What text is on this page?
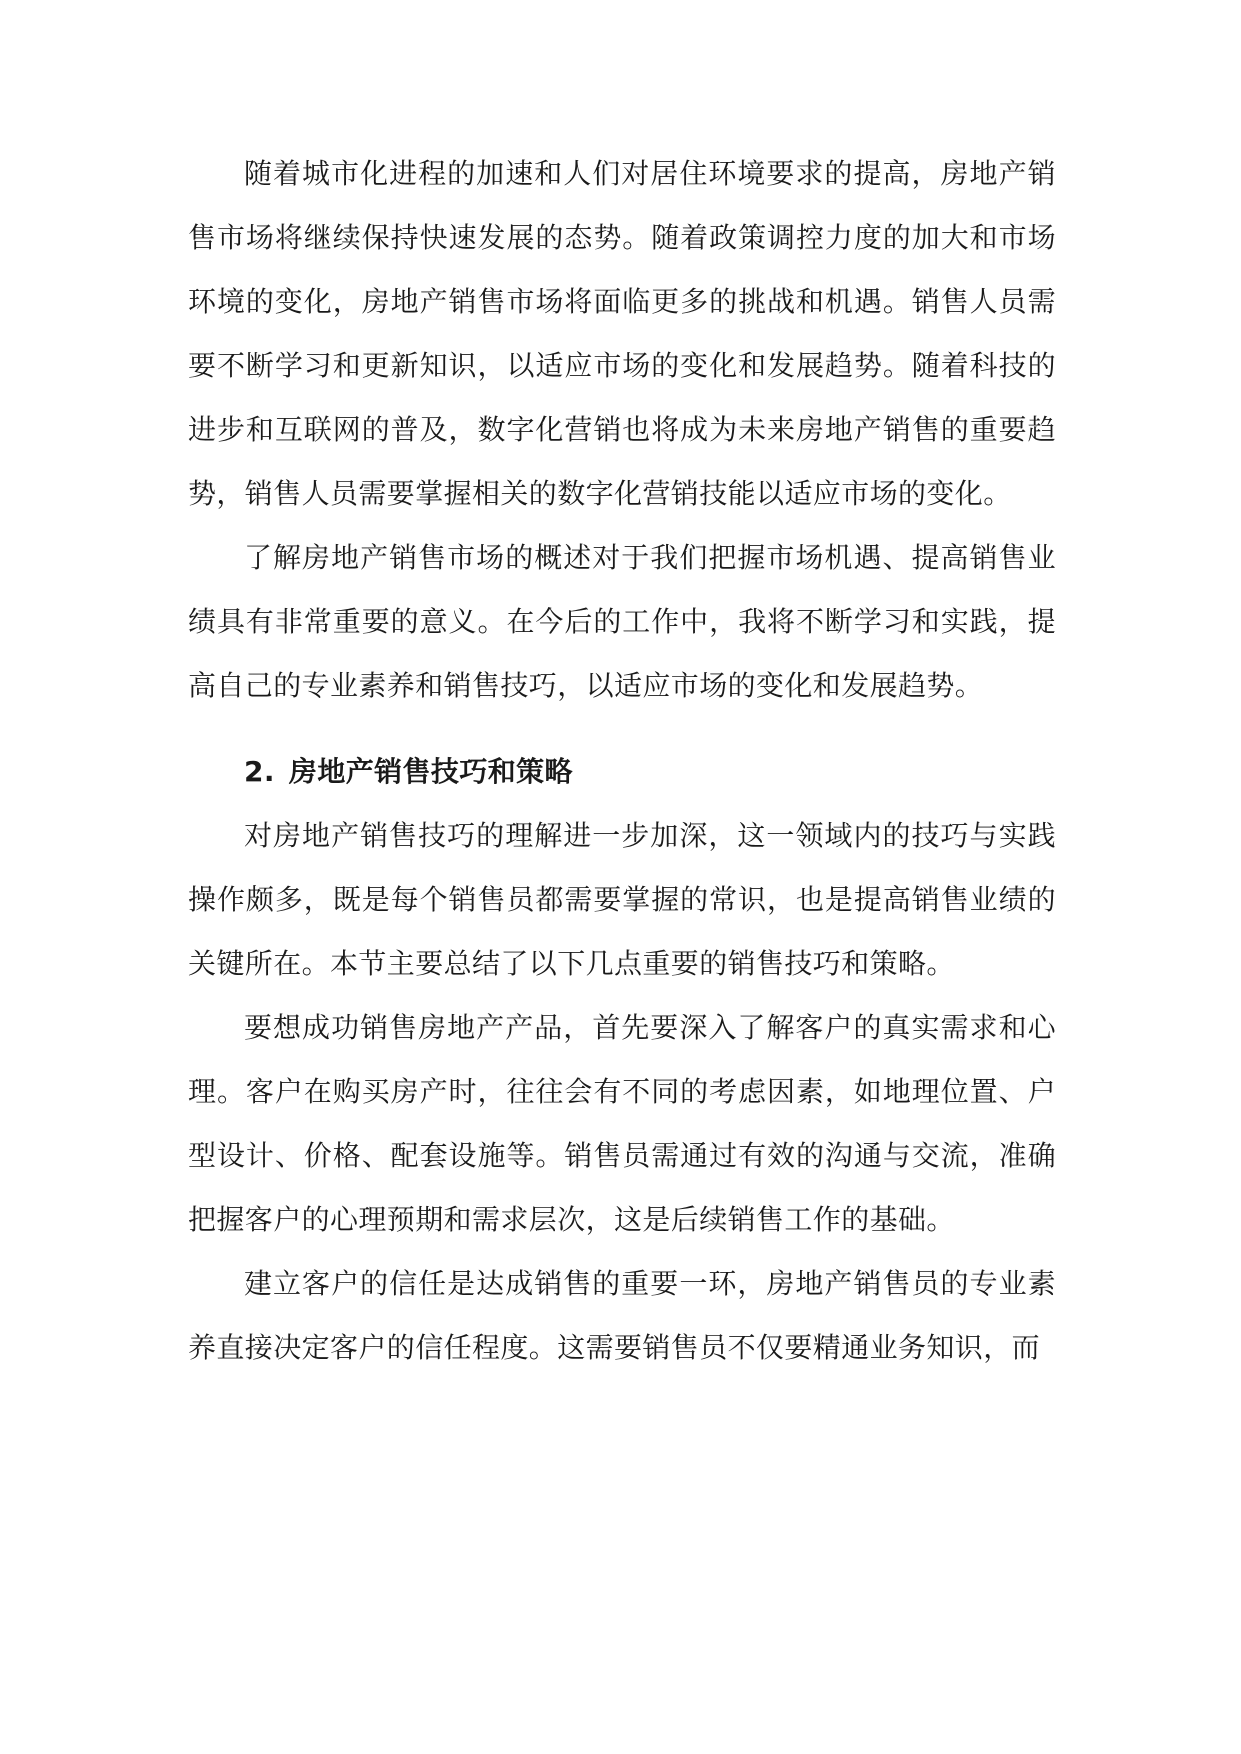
随着城市化进程的加速和人们对居住环境要求的提高，房地产销售市场将继续保持快速发展的态势。随着政策调控力度的加大和市场环境的变化，房地产销售市场将面临更多的挑战和机遇。销售人员需要不断学习和更新知识，以适应市场的变化和发展趋势。随着科技的进步和互联网的普及，数字化营销也将成为未来房地产销售的重要趋势，销售人员需要掌握相关的数字化营销技能以适应市场的变化。

了解房地产销售市场的概述对于我们把握市场机遇、提高销售业绩具有非常重要的意义。在今后的工作中，我将不断学习和实践，提高自己的专业素养和销售技巧，以适应市场的变化和发展趋势。

2. 房地产销售技巧和策略

对房地产销售技巧的理解进一步加深，这一领域内的技巧与实践操作颇多，既是每个销售员都需要掌握的常识，也是提高销售业绩的关键所在。本节主要总结了以下几点重要的销售技巧和策略。

要想成功销售房地产产品，首先要深入了解客户的真实需求和心理。客户在购买房产时，往往会有不同的考虑因素，如地理位置、户型设计、价格、配套设施等。销售员需通过有效的沟通与交流，准确把握客户的心理预期和需求层次，这是后续销售工作的基础。

建立客户的信任是达成销售的重要一环，房地产销售员的专业素养直接决定客户的信任程度。这需要销售员不仅要精通业务知识，而
